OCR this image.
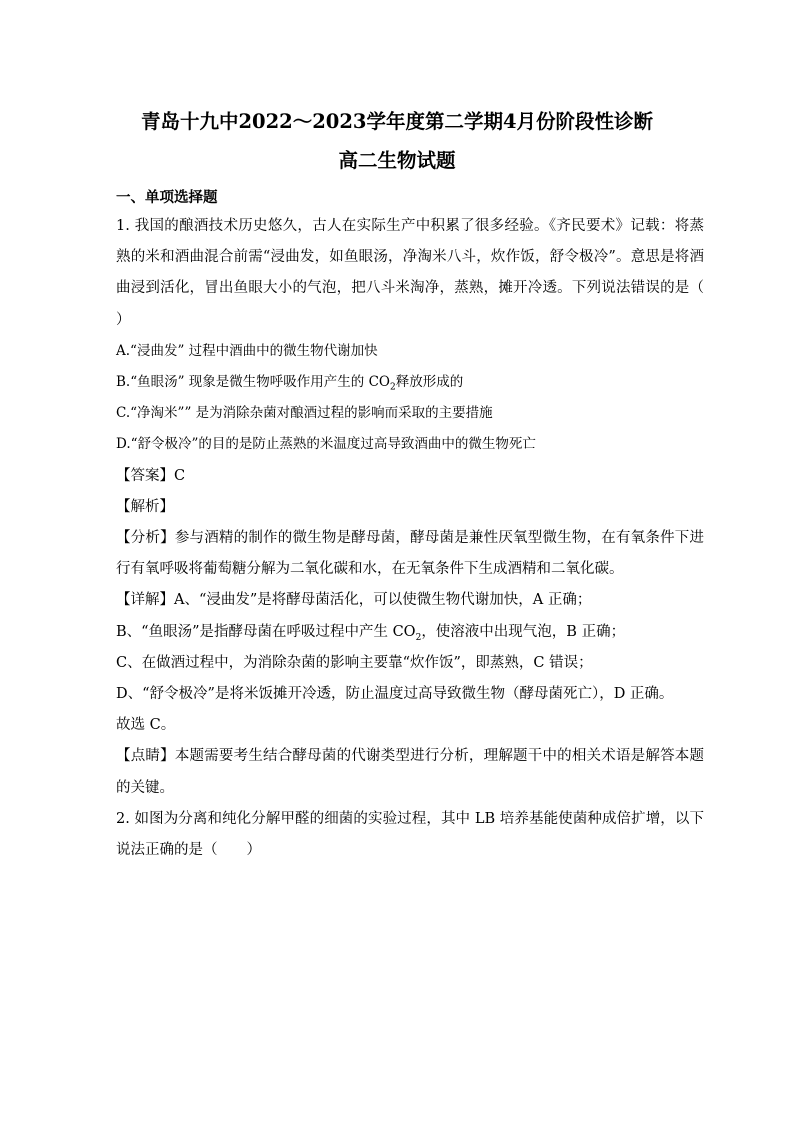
青岛十九中2022～2023学年度第二学期4月份阶段性诊断
高二生物试题
一、单项选择题

1. 我国的酿酒技术历史悠久，古人在实际生产中积累了很多经验。《齐民要术》记载：将蒸熟的米和酒曲混合前需“浸曲发，如鱼眼汤，净淘米八斗，炊作饭，舒令极冷”。意思是将酒曲浸到活化，冒出鱼眼大小的气泡，把八斗米淘净，蒸熟，摊开冷透。下列说法错误的是（　　）

A.“浸曲发” 过程中酒曲中的微生物代谢加快

B.“鱼眼汤” 现象是微生物呼吸作用产生的 $CO_2$释放形成的

C.“净淘米”” 是为消除杂菌对酿酒过程的影响而采取的主要措施

D.“舒令极冷”的目的是防止蒸熟的米温度过高导致酒曲中的微生物死亡

【答案】C

【解析】

【分析】参与酒精的制作的微生物是酵母菌，酵母菌是兼性厌氧型微生物，在有氧条件下进行有氧呼吸将葡萄糖分解为二氧化碳和水，在无氧条件下生成酒精和二氧化碳。

【详解】A、“浸曲发”是将酵母菌活化，可以使微生物代谢加快，A 正确；

B、“鱼眼汤”是指酵母菌在呼吸过程中产生 $CO_2$，使溶液中出现气泡，B 正确；

C、在做酒过程中，为消除杂菌的影响主要靠“炊作饭”，即蒸熟，C 错误；

D、“舒令极冷”是将米饭摊开冷透，防止温度过高导致微生物（酵母菌死亡），D 正确。

故选 C。

【点睛】本题需要考生结合酵母菌的代谢类型进行分析，理解题干中的相关术语是解答本题的关键。

2. 如图为分离和纯化分解甲醛的细菌的实验过程，其中 LB 培养基能使菌种成倍扩增，以下说法正确的是（　　）
